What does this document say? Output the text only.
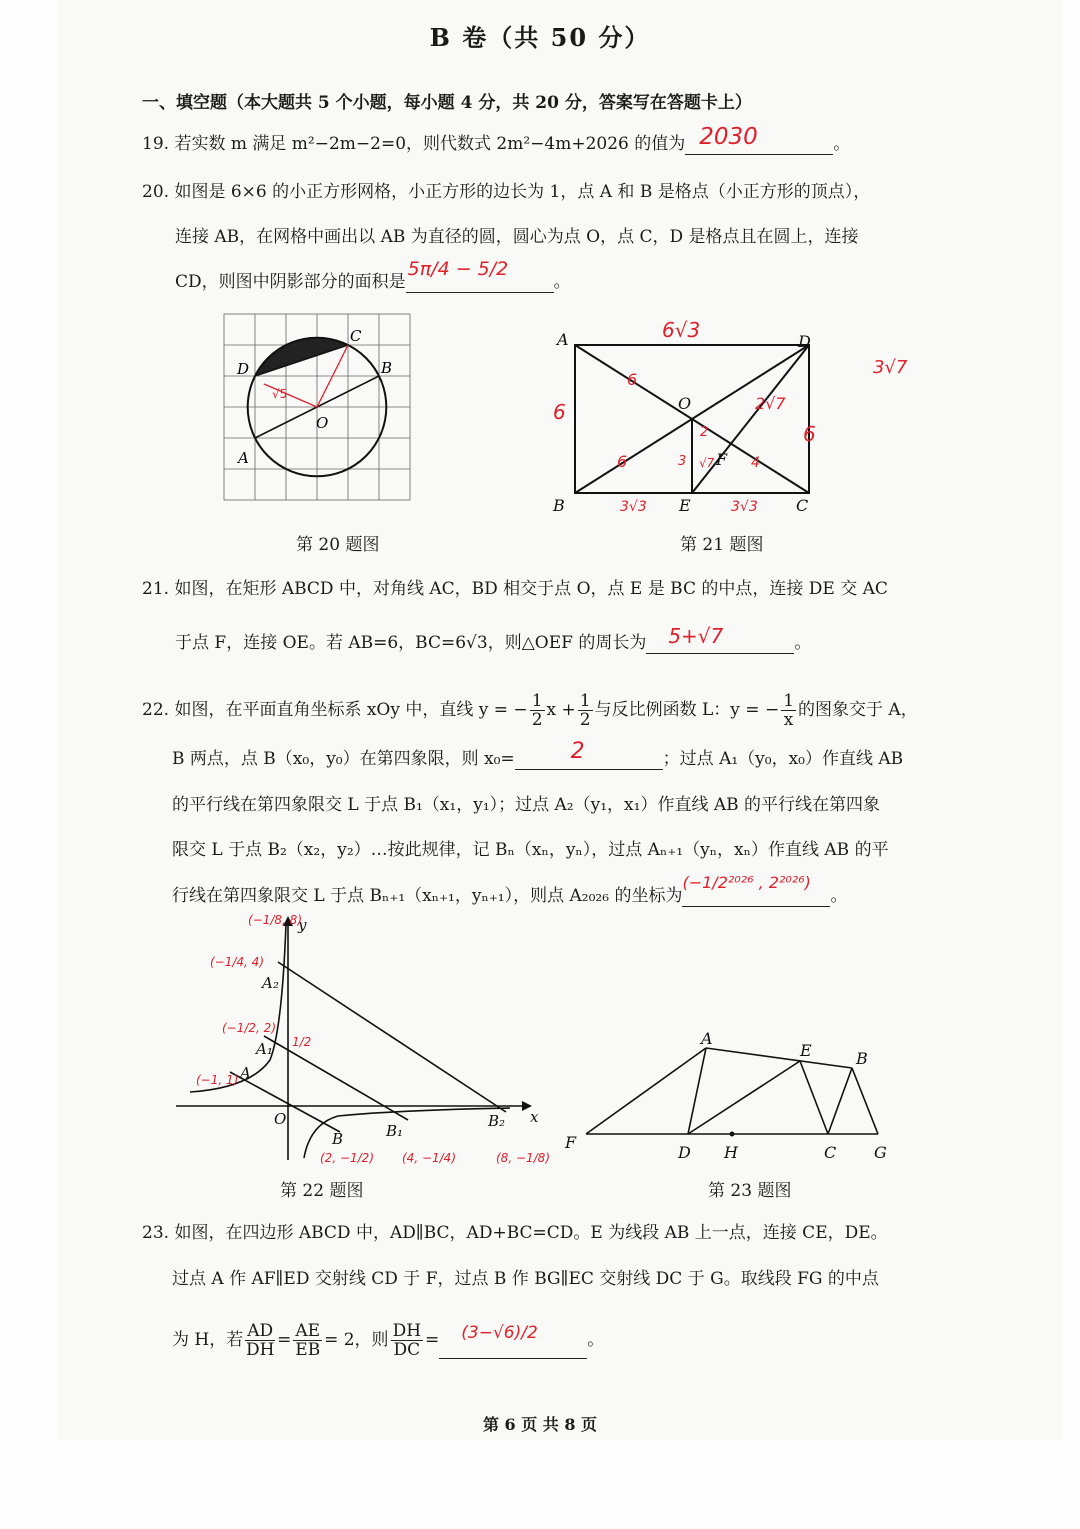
B 卷（共 50 分）
一、填空题（本大题共 5 个小题，每小题 4 分，共 20 分，答案写在答题卡上）
19. 若实数 m 满足 m²−2m−2=0，则代数式 2m²−4m+2026 的值为 2030	。
20. 如图是 6×6 的小正方形网格，小正方形的边长为 1，点 A 和 B 是格点（小正方形的顶点），
连接 AB，在网格中画出以 AB 为直径的圆，圆心为点 O，点 C，D 是格点且在圆上，连接
CD，则图中阴影部分的面积是
5π/4 − 5/2
。
C
D	B
O
A
√5
第 20 题图
A	D
O
F
B	E	C
6√3
6
6
6
6
2
3 √7
2√7
4
3√3	3√3
3√7
第 21 题图
21. 如图，在矩形 ABCD 中，对角线 AC，BD 相交于点 O，点 E 是 BC 的中点，连接 DE 交 AC
于点 F，连接 OE。若 AB=6，BC=6√3，则△OEF 的周长为 5+√7	。
22. 如图，在平面直角坐标系 xOy 中，直线 y = − $\frac{1}{2}$ $x + \frac{1}{2}$ 与反比例函数 L：y = − $\frac{1}{x}$ 的图象交于 A，
B 两点，点 B（x₀，y₀）在第四象限，则 x₀=	2	；过点 A₁（y₀，x₀）作直线 AB
的平行线在第四象限交 L 于点 B₁（x₁，y₁）；过点 A₂（y₁，x₁）作直线 AB 的平行线在第四象
限交 L 于点 B₂（x₂，y₂）…按此规律，记 Bₙ（xₙ，yₙ），过点 Aₙ₊₁（yₙ，xₙ）作直线 AB 的平
行线在第四象限交 L 于点 Bₙ₊₁（xₙ₊₁，yₙ₊₁），则点 A₂₀₂₆ 的坐标为
(−1/2²⁰²⁶ , 2²⁰²⁶)
。
y
x
O
A
A₁
A₂
B	B₁
B₂
(−1/8, 8)
(−1/4, 4)
(−1/2, 2)
(−1, 1)
1/2
(2, −1/2) (4, −1/4)	(8, −1/8)
第 22 题图
A
E	B
F
D H	C G
第 23 题图
23. 如图，在四边形 ABCD 中，AD∥BC，AD+BC=CD。E 为线段 AB 上一点，连接 CE，DE。
过点 A 作 AF∥ED 交射线 CD 于 F，过点 B 作 BG∥EC 交射线 DC 于 G。取线段 FG 的中点
为 H，若 $\frac{AD}{DH} = \frac{AE}{EB} = 2$，则 $\frac{DH}{DC} = (3-√6)/2$	。
第 6 页 共 8 页
